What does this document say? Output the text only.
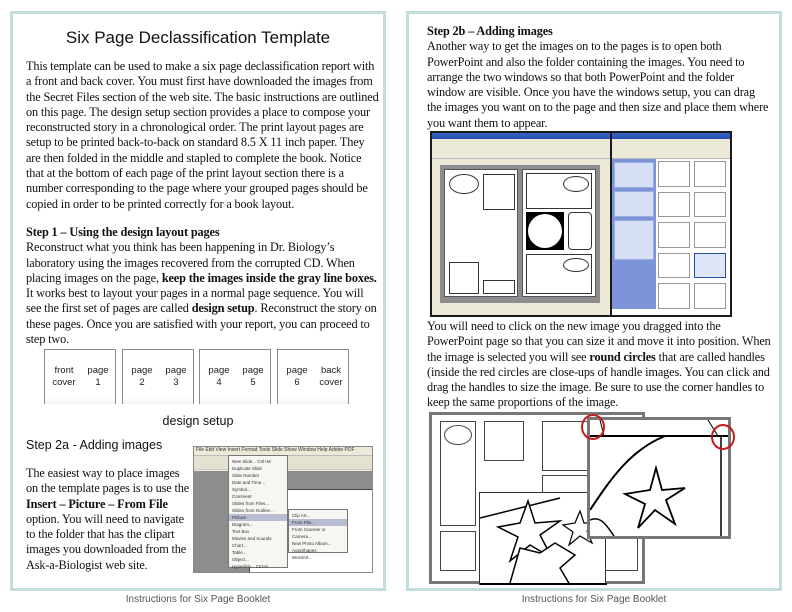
Six Page Declassification Template
This template can be used to make a six page declassification report with a front and back cover. You must first have downloaded the images from the Secret Files section of the web site. The basic instructions are outlined on this page. The design setup section provides a place to compose your reconstructed story in a chronological order. The print layout pages are setup to be printed back-to-back on standard 8.5 X 11 inch paper. They are then folded in the middle and stapled to complete the book. Notice that at the bottom of each page of the print layout section there is a number corresponding to the page where your grouped pages should be copied in order to be printed correctly for a book layout.
Step 1 – Using the design layout pages
Reconstruct what you think has been happening in Dr. Biology’s laboratory using the images recovered from the corrupted CD. When placing images on the page, keep the images inside the gray line boxes. It works best to layout your pages in a normal page sequence. You will see the first set of pages are called design setup. Reconstruct the story on these pages. Once you are satisfied with your report, you can proceed to step two.
front
cover
page
1
page
2
page
3
page
4
page
5
page
6
back
cover
design setup
Step 2a - Adding images
The easiest way to place images on the template pages is to use the Insert – Picture – From File option. You will need to navigate to the folder that has the clipart images you downloaded from the Ask-a-Biologist web site.
File Edit View Insert Format Tools Slide Show Window Help Adobe PDF
New Slide... Ctrl+M
Duplicate Slide
Slide Number
Date and Time...
Symbol...
Comment
Slides from Files...
Slides from Outline...
Picture
Diagram...
Text Box
Movies and Sounds
Chart...
Table...
Object...
Hyperlink... Ctrl+K
Clip Art...
From File...
From Scanner or Camera...
New Photo Album...
AutoShapes
WordArt...
Instructions for Six Page Booklet
Step 2b – Adding images
Another way to get the images on to the pages is to open both PowerPoint and also the folder containing the images. You need to arrange the two windows so that both PowerPoint and the folder window are visible. Once you have the windows setup, you can drag the images you want on to the page and then size and place them where you want them to appear.
You will need to click on the new image you dragged into the PowerPoint page so that you can size it and move it into position. When the image is selected you will see round circles that are called handles (inside the red circles are close-ups of handle images. You can click and drag the handles to size the image. Be sure to use the corner handles to keep the same proportions of the image.
Instructions for Six Page Booklet
